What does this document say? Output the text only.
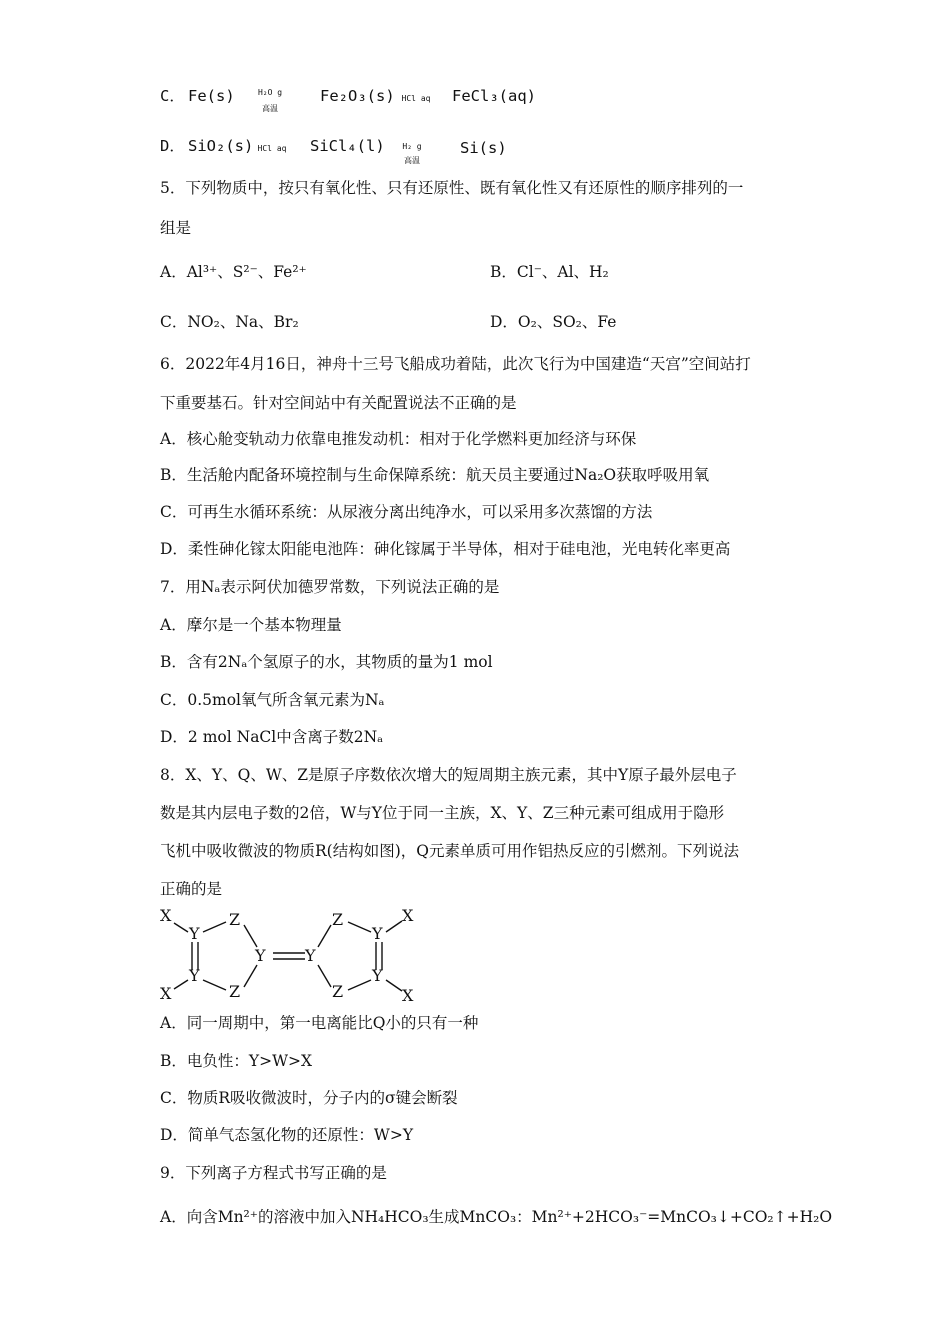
C． Fe(s)	H₂O g
高温
Fe₂O₃(s) HCl aq	FeCl₃(aq)
D． SiO₂(s) HCl aq	SiCl₄(l)	H₂ g
高温
Si(s)
5．下列物质中，按只有氧化性、只有还原性、既有氧化性又有还原性的顺序排列的一
组是
A．Al³⁺、S²⁻、Fe²⁺	B．Cl⁻、Al、H₂
C．NO₂、Na、Br₂	D．O₂、SO₂、Fe
6．2022年4月16日，神舟十三号飞船成功着陆，此次飞行为中国建造“天宫”空间站打
下重要基石。针对空间站中有关配置说法不正确的是
A．核心舱变轨动力依靠电推发动机：相对于化学燃料更加经济与环保
B．生活舱内配备环境控制与生命保障系统：航天员主要通过Na₂O获取呼吸用氧
C．可再生水循环系统：从尿液分离出纯净水，可以采用多次蒸馏的方法
D．柔性砷化镓太阳能电池阵：砷化镓属于半导体，相对于硅电池，光电转化率更高
7．用Nₐ表示阿伏加德罗常数，下列说法正确的是
A．摩尔是一个基本物理量
B．含有2Nₐ个氢原子的水，其物质的量为1 mol
C．0.5mol氧气所含氧元素为Nₐ
D．2 mol NaCl中含离子数2Nₐ
8．X、Y、Q、W、Z是原子序数依次增大的短周期主族元素，其中Y原子最外层电子
数是其内层电子数的2倍，W与Y位于同一主族，X、Y、Z三种元素可组成用于隐形
飞机中吸收微波的物质R(结构如图)，Q元素单质可用作铝热反应的引燃剂。下列说法
正确的是
X
Y
Z
Y
Z
X
Y
Y
Z	X
Y
Z	X
Y
A．同一周期中，第一电离能比Q小的只有一种
B．电负性：Y>W>X
C．物质R吸收微波时，分子内的σ键会断裂
D．简单气态氢化物的还原性：W>Y
9．下列离子方程式书写正确的是
A．向含Mn²⁺的溶液中加入NH₄HCO₃生成MnCO₃：Mn²⁺+2HCO₃⁻=MnCO₃↓+CO₂↑+H₂O
